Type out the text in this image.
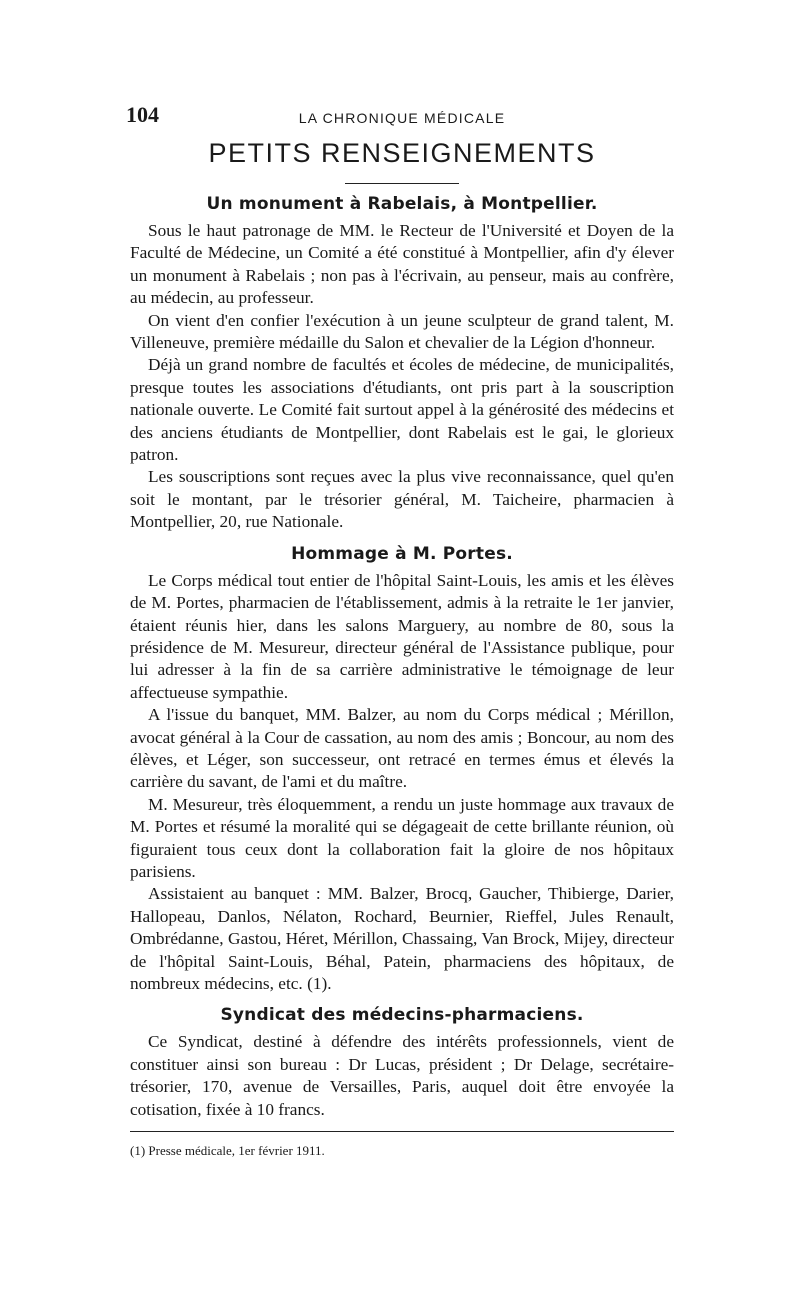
104	LA CHRONIQUE MÉDICALE
PETITS RENSEIGNEMENTS
Un monument à Rabelais, à Montpellier.

Sous le haut patronage de MM. le Recteur de l'Université et Doyen de la Faculté de Médecine, un Comité a été constitué à Montpellier, afin d'y élever un monument à Rabelais ; non pas à l'écrivain, au penseur, mais au confrère, au médecin, au professeur.

On vient d'en confier l'exécution à un jeune sculpteur de grand talent, M. Villeneuve, première médaille du Salon et chevalier de la Légion d'honneur.

Déjà un grand nombre de facultés et écoles de médecine, de municipalités, presque toutes les associations d'étudiants, ont pris part à la souscription nationale ouverte. Le Comité fait surtout appel à la générosité des médecins et des anciens étudiants de Montpellier, dont Rabelais est le gai, le glorieux patron.

Les souscriptions sont reçues avec la plus vive reconnaissance, quel qu'en soit le montant, par le trésorier général, M. Taicheire, pharmacien à Montpellier, 20, rue Nationale.

Hommage à M. Portes.

Le Corps médical tout entier de l'hôpital Saint-Louis, les amis et les élèves de M. Portes, pharmacien de l'établissement, admis à la retraite le 1er janvier, étaient réunis hier, dans les salons Marguery, au nombre de 80, sous la présidence de M. Mesureur, directeur général de l'Assistance publique, pour lui adresser à la fin de sa carrière administrative le témoignage de leur affectueuse sympathie.

A l'issue du banquet, MM. Balzer, au nom du Corps médical ; Mérillon, avocat général à la Cour de cassation, au nom des amis ; Boncour, au nom des élèves, et Léger, son successeur, ont retracé en termes émus et élevés la carrière du savant, de l'ami et du maître.

M. Mesureur, très éloquemment, a rendu un juste hommage aux travaux de M. Portes et résumé la moralité qui se dégageait de cette brillante réunion, où figuraient tous ceux dont la collaboration fait la gloire de nos hôpitaux parisiens.

Assistaient au banquet : MM. Balzer, Brocq, Gaucher, Thibierge, Darier, Hallopeau, Danlos, Nélaton, Rochard, Beurnier, Rieffel, Jules Renault, Ombrédanne, Gastou, Héret, Mérillon, Chassaing, Van Brock, Mijey, directeur de l'hôpital Saint-Louis, Béhal, Patein, pharmaciens des hôpitaux, de nombreux médecins, etc. (1).

Syndicat des médecins-pharmaciens.

Ce Syndicat, destiné à défendre des intérêts professionnels, vient de constituer ainsi son bureau : Dr Lucas, président ; Dr Delage, secrétaire-trésorier, 170, avenue de Versailles, Paris, auquel doit être envoyée la cotisation, fixée à 10 francs.

(1) Presse médicale, 1er février 1911.
